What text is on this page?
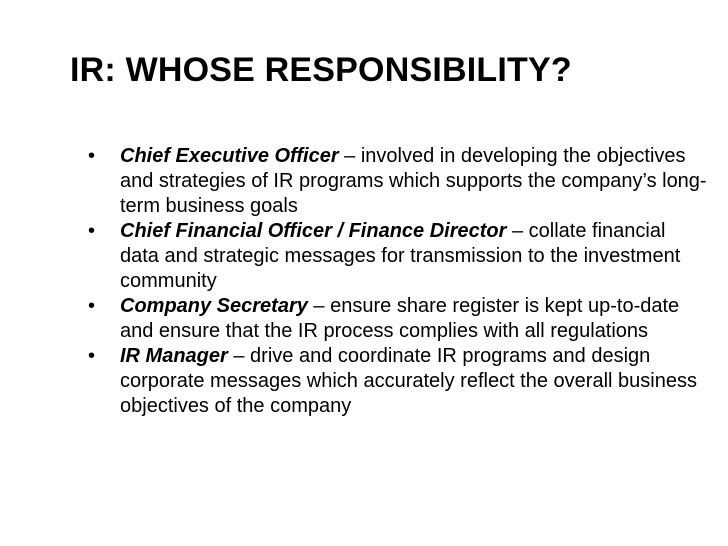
IR: WHOSE RESPONSIBILITY?
• Chief Executive Officer – involved in developing the objectives and strategies of IR programs which supports the company’s long-term business goals
• Chief Financial Officer / Finance Director – collate financial data and strategic messages for transmission to the investment community
• Company Secretary – ensure share register is kept up-to-date and ensure that the IR process complies with all regulations
• IR Manager – drive and coordinate IR programs and design corporate messages which accurately reflect the overall business objectives of the company
